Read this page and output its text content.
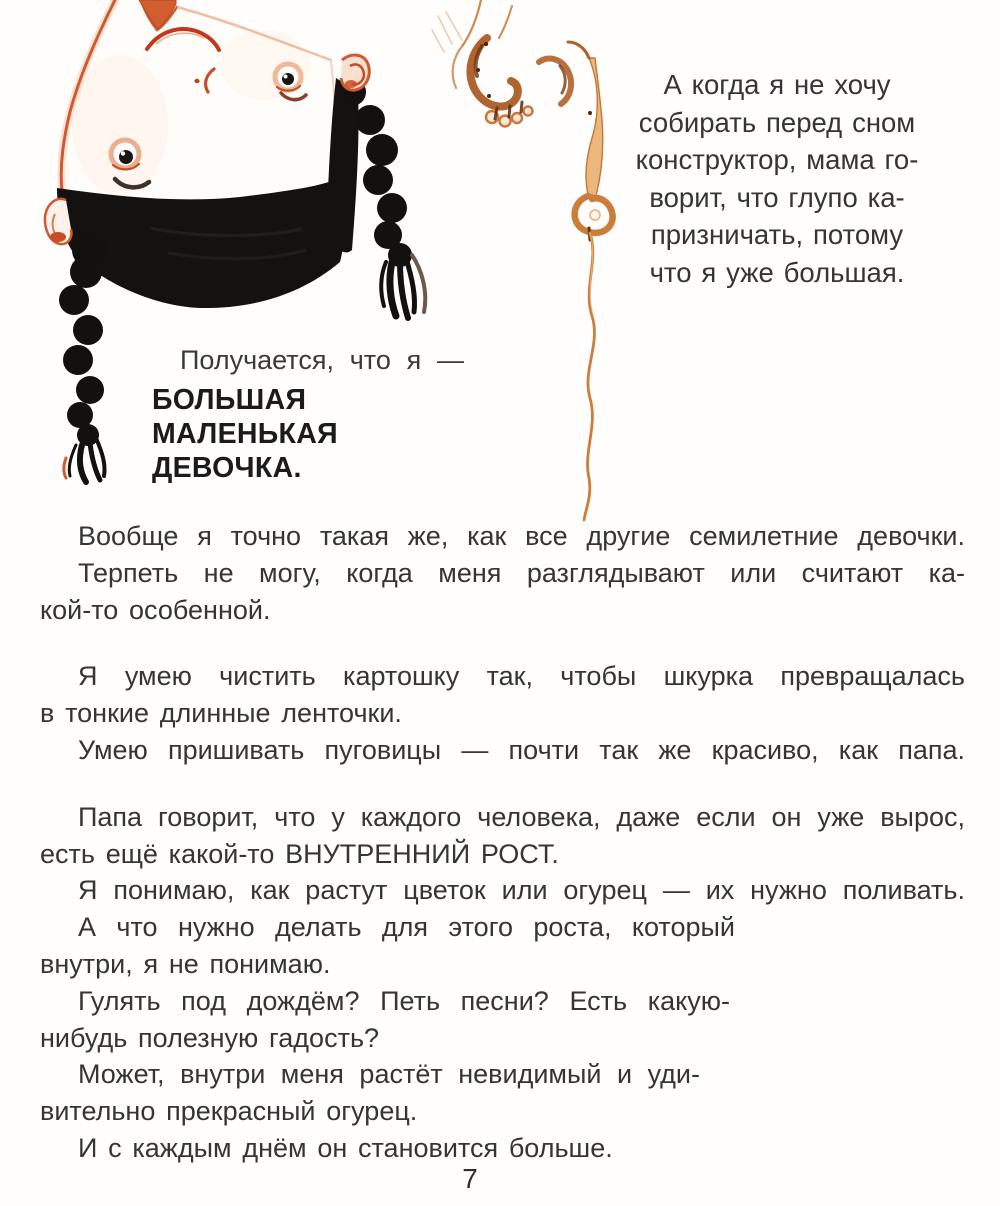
А когда я не хочу
собирать перед сном
конструктор, мама го-
ворит, что глупо ка-
призничать, потому
что я уже большая.
Получается, что я —
БОЛЬШАЯ МАЛЕНЬКАЯ
ДЕВОЧКА.
Вообще я точно такая же, как все другие семилетние девочки.
Терпеть не могу, когда меня разглядывают или считают ка-
кой-то особенной.
Я умею чистить картошку так, чтобы шкурка превращалась
в тонкие длинные ленточки.
Умею пришивать пуговицы — почти так же красиво, как папа.
Папа говорит, что у каждого человека, даже если он уже вырос,
есть ещё какой-то ВНУТРЕННИЙ РОСТ.
Я понимаю, как растут цветок или огурец — их нужно поливать.
А что нужно делать для этого роста, который
внутри, я не понимаю.
Гулять под дождём? Петь песни? Есть какую-
нибудь полезную гадость?
Может, внутри меня растёт невидимый и уди-
вительно прекрасный огурец.
И с каждым днём он становится больше.
7
